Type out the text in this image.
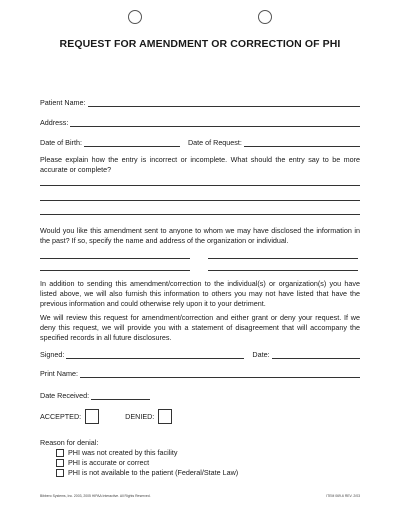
REQUEST FOR AMENDMENT OR CORRECTION OF PHI
Patient Name:
Address:
Date of Birth:	Date of Request:
Please explain how the entry is incorrect or incomplete. What should the entry say to be more accurate or complete?
Would you like this amendment sent to anyone to whom we may have disclosed the information in the past? If so, specify the name and address of the organization or individual.
In addition to sending this amendment/correction to the individual(s) or organization(s) you have listed above, we will also furnish this information to others you may not have listed that have the previous information and could otherwise rely upon it to your detriment.
We will review this request for amendment/correction and either grant or deny your request. If we deny this request, we will provide you with a statement of disagreement that will accompany the specified records in all future disclosures.
Signed:	Date:
Print Name:
Date Received:
ACCEPTED:	DENIED:
Reason for denial:
PHI was not created by this facility
PHI is accurate or correct
PHI is not available to the patient (Federal/State Law)
Bibbero Systems, Inc. 2003, 2005 HIPAA Interactive. All Rights Reserved.	ITEM 069-6 REV. 2/03
